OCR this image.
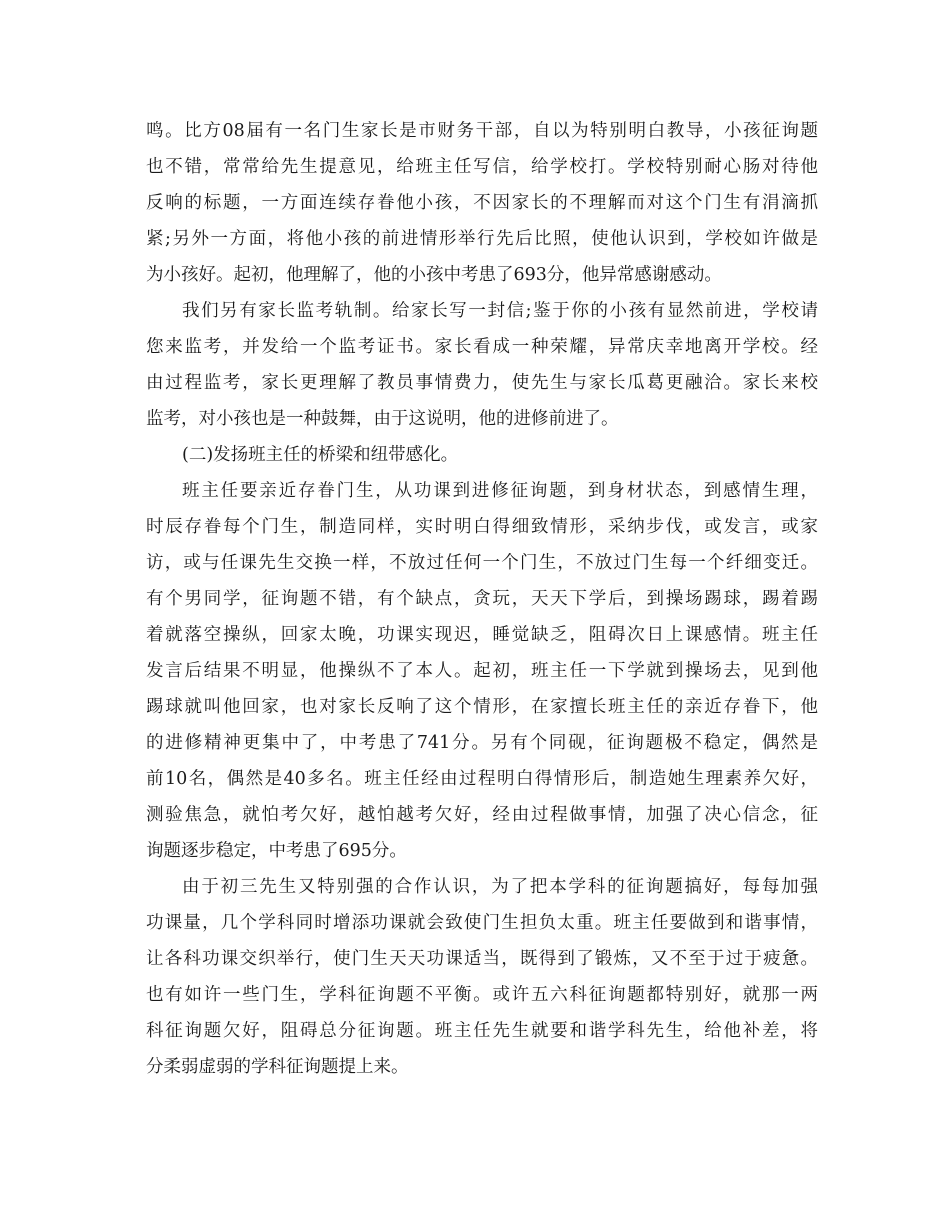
鸣。比方08届有一名门生家长是市财务干部，自以为特别明白教导，小孩征询题
也不错，常常给先生提意见，给班主任写信，给学校打。学校特别耐心肠对待他
反响的标题，一方面连续存眷他小孩，不因家长的不理解而对这个门生有涓滴抓
紧;另外一方面，将他小孩的前进情形举行先后比照，使他认识到，学校如许做是
为小孩好。起初，他理解了，他的小孩中考患了693分，他异常感谢感动。
我们另有家长监考轨制。给家长写一封信;鉴于你的小孩有显然前进，学校请
您来监考，并发给一个监考证书。家长看成一种荣耀，异常庆幸地离开学校。经
由过程监考，家长更理解了教员事情费力，使先生与家长瓜葛更融洽。家长来校
监考，对小孩也是一种鼓舞，由于这说明，他的进修前进了。
(二)发扬班主任的桥梁和纽带感化。
班主任要亲近存眷门生，从功课到进修征询题，到身材状态，到感情生理，
时辰存眷每个门生，制造同样，实时明白得细致情形，采纳步伐，或发言，或家
访，或与任课先生交换一样，不放过任何一个门生，不放过门生每一个纤细变迁。
有个男同学，征询题不错，有个缺点，贪玩，天天下学后，到操场踢球，踢着踢
着就落空操纵，回家太晚，功课实现迟，睡觉缺乏，阻碍次日上课感情。班主任
发言后结果不明显，他操纵不了本人。起初，班主任一下学就到操场去，见到他
踢球就叫他回家，也对家长反响了这个情形，在家擅长班主任的亲近存眷下，他
的进修精神更集中了，中考患了741分。另有个同砚，征询题极不稳定，偶然是
前10名，偶然是40多名。班主任经由过程明白得情形后，制造她生理素养欠好，
测验焦急，就怕考欠好，越怕越考欠好，经由过程做事情，加强了决心信念，征
询题逐步稳定，中考患了695分。
由于初三先生又特别强的合作认识，为了把本学科的征询题搞好，每每加强
功课量，几个学科同时增添功课就会致使门生担负太重。班主任要做到和谐事情，
让各科功课交织举行，使门生天天功课适当，既得到了锻炼，又不至于过于疲惫。
也有如许一些门生，学科征询题不平衡。或许五六科征询题都特别好，就那一两
科征询题欠好，阻碍总分征询题。班主任先生就要和谐学科先生，给他补差，将
分柔弱虚弱的学科征询题提上来。
